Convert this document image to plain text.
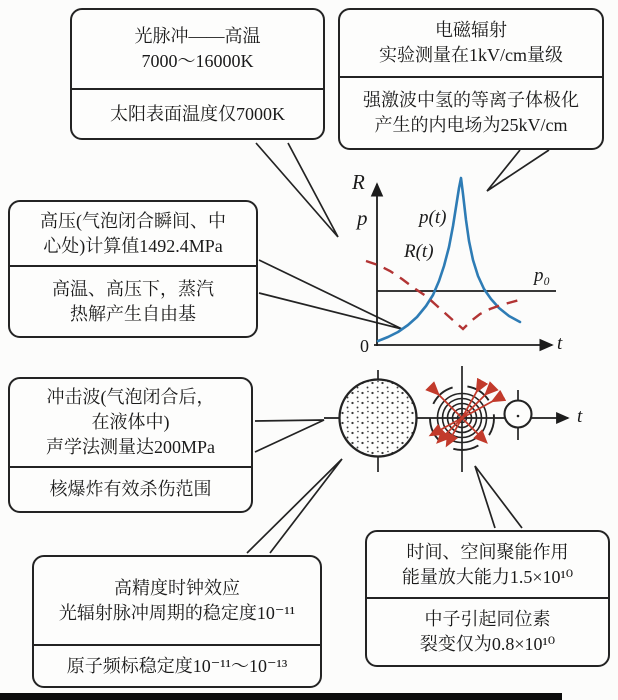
R
p
0	t
p(t)
R(t)
p₀
t
光脉冲——高温
7000～16000K
太阳表面温度仅7000K
电磁辐射
实验测量在1kV/cm量级
强激波中氢的等离子体极化
产生的内电场为25kV/cm
高压(气泡闭合瞬间、中
心处)计算值1492.4MPa
高温、高压下，蒸汽
热解产生自由基
冲击波(气泡闭合后，
在液体中)
声学法测量达200MPa
核爆炸有效杀伤范围
高精度时钟效应
光辐射脉冲周期的稳定度10⁻¹¹
原子频标稳定度10⁻¹¹～10⁻¹³
时间、空间聚能作用
能量放大能力1.5×10¹⁰
中子引起同位素
裂变仅为0.8×10¹⁰
